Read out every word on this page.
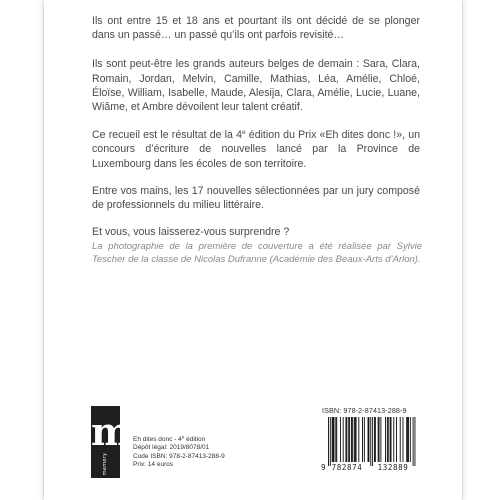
Ils ont entre 15 et 18 ans et pourtant ils ont décidé de se plonger dans un passé… un passé qu’ils ont parfois revisité…

Ils sont peut-être les grands auteurs belges de demain : Sara, Clara, Romain, Jordan, Melvin, Camille, Mathias, Léa, Amélie, Chloé, Éloïse, William, Isabelle, Maude, Alesija, Clara, Amélie, Lucie, Luane, Wiâme, et Ambre dévoilent leur talent créatif.

Ce recueil est le résultat de la 4e édition du Prix «Eh dites donc !», un concours d’écriture de nouvelles lancé par la Province de Luxembourg dans les écoles de son territoire.

Entre vos mains, les 17 nouvelles sélectionnées par un jury composé de professionnels du milieu littéraire.

Et vous, vous laisserez-vous surprendre ?

La photographie de la première de couverture a été réalisée par Sylvie Tescher de la classe de Nicolas Dufranne (Académie des Beaux-Arts d’Arlon).

m
memory
Eh dites donc - 4e édition
Dépôt légal: 2019/8078/01
Code ISBN: 978-2-87413-288-9
Prix: 14 euros
ISBN: 978-2-87413-288-9
9 782874 132889
